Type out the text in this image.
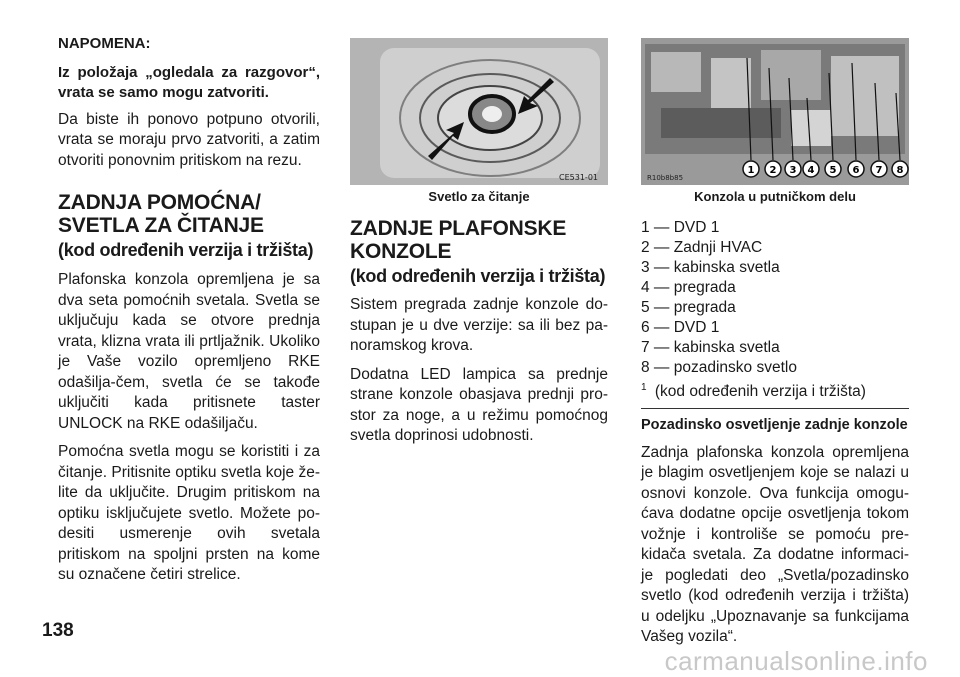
NAPOMENA:

Iz položaja „ogledala za razgovor“, vrata se samo mogu zatvoriti.

Da biste ih ponovo potpuno otvorili, vrata se moraju prvo zatvoriti, a zatim otvoriti ponovnim pritiskom na rezu.

ZADNJA POMOĆNA/
SVETLA ZA ČITANJE
(kod određenih verzija i tržišta)

Plafonska konzola opremljena je sa dva seta pomoćnih svetala. Svetla se uključuju kada se otvore prednja vrata, klizna vrata ili prtljažnik. Ukoliko je Vaše vozilo opremljeno RKE odašilja-čem, svetla će se takođe uključiti kada pritisnete taster UNLOCK na RKE odašiljaču.

Pomoćna svetla mogu se koristiti i za čitanje. Pritisnite optiku svetla koje že-lite da uključite. Drugim pritiskom na optiku isključujete svetlo. Možete po-desiti usmerenje ovih svetala pritiskom na spoljni prsten na kome su označene četiri strelice.

CE531-01
Svetlo za čitanje
ZADNJE PLAFONSKE
KONZOLE
(kod određenih verzija i tržišta)

Sistem pregrada zadnje konzole do-stupan je u dve verzije: sa ili bez pa-noramskog krova.

Dodatna LED lampica sa prednje strane konzole obasjava prednji pro-stor za noge, a u režimu pomoćnog svetla doprinosi udobnosti.

1 2 3 4 5 6 7 8
R10b8b85
Konzola u putničkom delu

1 — DVD 1

2 — Zadnji HVAC

3 — kabinska svetla

4 — pregrada

5 — pregrada

6 — DVD 1

7 — kabinska svetla

8 — pozadinsko svetlo

$^1$ (kod određenih verzija i tržišta)

Pozadinsko osvetljenje zadnje konzole

Zadnja plafonska konzola opremljena je blagim osvetljenjem koje se nalazi u osnovi konzole. Ova funkcija omogu-ćava dodatne opcije osvetljenja tokom vožnje i kontroliše se pomoću pre-kidača svetala. Za dodatne informaci-je pogledati deo „Svetla/pozadinsko svetlo (kod određenih verzija i tržišta) u odeljku „Upoznavanje sa funkcijama Vašeg vozila“.

138
carmanualsonline.info
